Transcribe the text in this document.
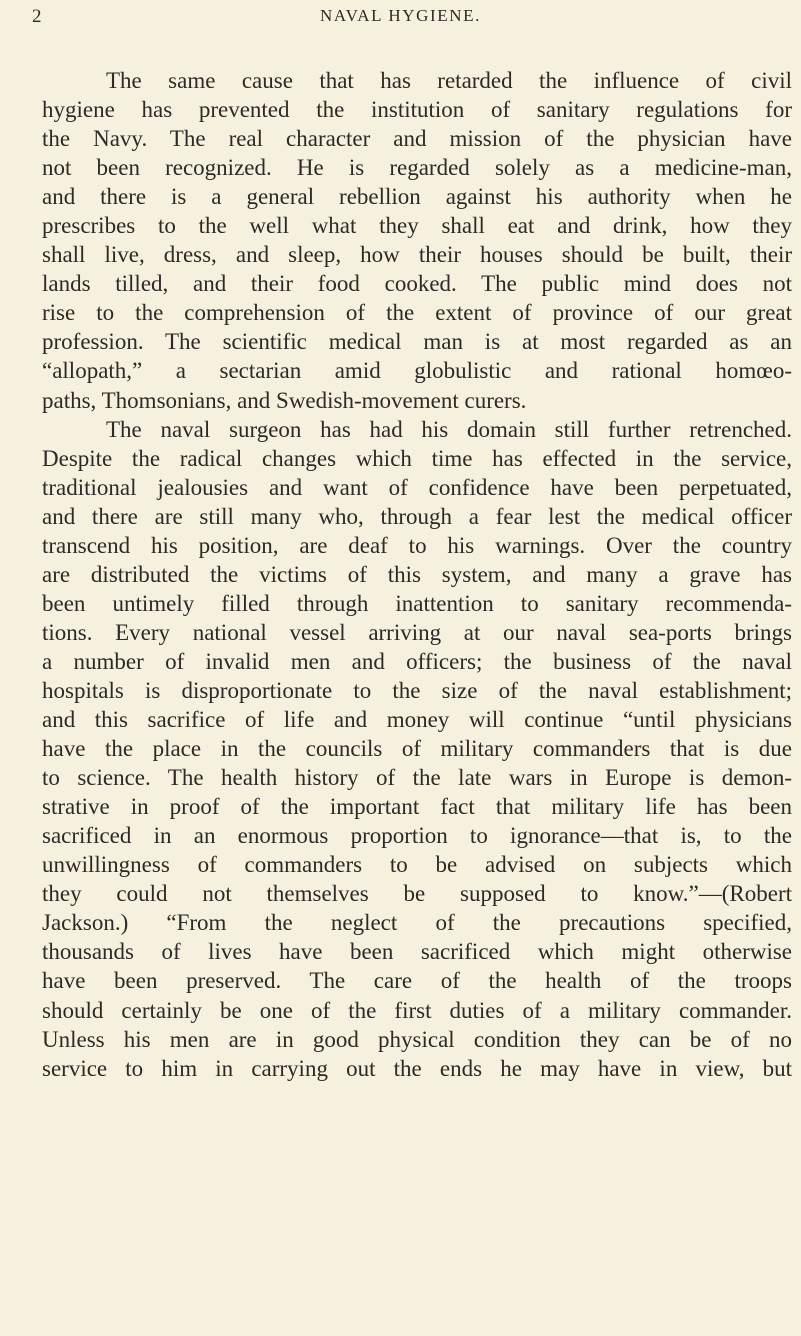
2	NAVAL HYGIENE.
The same cause that has retarded the influence of civil
hygiene has prevented the institution of sanitary regulations for
the Navy. The real character and mission of the physician have
not been recognized. He is regarded solely as a medicine-man,
and there is a general rebellion against his authority when he
prescribes to the well what they shall eat and drink, how they
shall live, dress, and sleep, how their houses should be built, their
lands tilled, and their food cooked. The public mind does not
rise to the comprehension of the extent of province of our great
profession. The scientific medical man is at most regarded as an
“allopath,” a sectarian amid globulistic and rational homœo-
paths, Thomsonians, and Swedish-movement curers.
The naval surgeon has had his domain still further retrenched.
Despite the radical changes which time has effected in the service,
traditional jealousies and want of confidence have been perpetuated,
and there are still many who, through a fear lest the medical officer
transcend his position, are deaf to his warnings. Over the country
are distributed the victims of this system, and many a grave has
been untimely filled through inattention to sanitary recommenda-
tions. Every national vessel arriving at our naval sea-ports brings
a number of invalid men and officers; the business of the naval
hospitals is disproportionate to the size of the naval establishment;
and this sacrifice of life and money will continue “until physicians
have the place in the councils of military commanders that is due
to science. The health history of the late wars in Europe is demon-
strative in proof of the important fact that military life has been
sacrificed in an enormous proportion to ignorance—that is, to the
unwillingness of commanders to be advised on subjects which
they could not themselves be supposed to know.”—(Robert
Jackson.) “From the neglect of the precautions specified,
thousands of lives have been sacrificed which might otherwise
have been preserved. The care of the health of the troops
should certainly be one of the first duties of a military commander.
Unless his men are in good physical condition they can be of no
service to him in carrying out the ends he may have in view, but
